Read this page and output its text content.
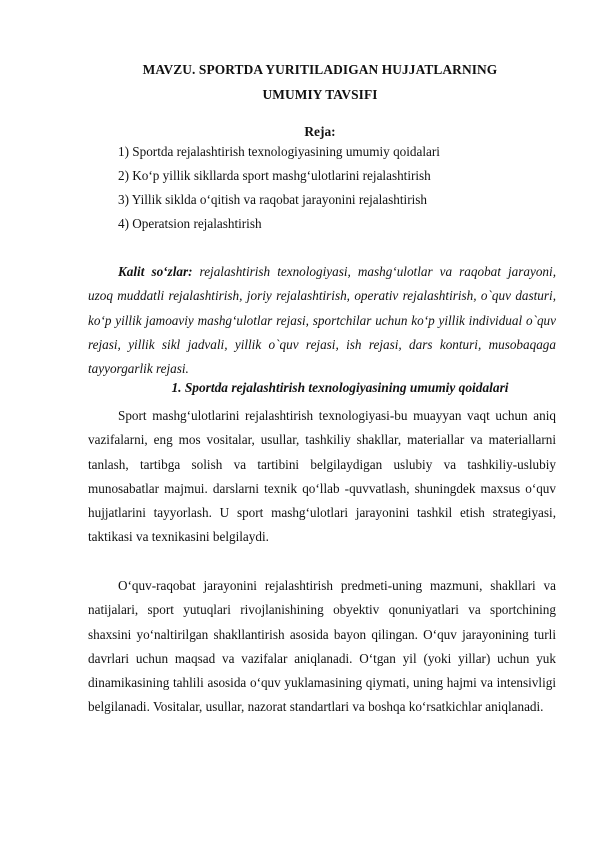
MAVZU. SPORTDA YURITILADIGAN HUJJATLARNING
UMUMIY TAVSIFI
Reja:
1) Sportda rejalashtirish texnologiyasining umumiy qoidalari
2) Ko‘p yillik sikllarda sport mashg‘ulotlarini rejalashtirish
3) Yillik siklda o‘qitish va raqobat jarayonini rejalashtirish
4) Operatsion rejalashtirish

Kalit so‘zlar: rejalashtirish texnologiyasi, mashg‘ulotlar va raqobat jarayoni, uzoq muddatli rejalashtirish, joriy rejalashtirish, operativ rejalashtirish, o`quv dasturi, ko‘p yillik jamoaviy mashg‘ulotlar rejasi, sportchilar uchun ko‘p yillik individual o`quv rejasi, yillik sikl jadvali, yillik o`quv rejasi, ish rejasi, dars konturi, musobaqaga tayyorgarlik rejasi.

1. Sportda rejalashtirish texnologiyasining umumiy qoidalari

Sport mashg‘ulotlarini rejalashtirish texnologiyasi-bu muayyan vaqt uchun aniq vazifalarni, eng mos vositalar, usullar, tashkiliy shakllar, materiallar va materiallarni tanlash, tartibga solish va tartibini belgilaydigan uslubiy va tashkiliy-uslubiy munosabatlar majmui. darslarni texnik qo‘llab -quvvatlash, shuningdek maxsus o‘quv hujjatlarini tayyorlash. U sport mashg‘ulotlari jarayonini tashkil etish strategiyasi, taktikasi va texnikasini belgilaydi.

O‘quv-raqobat jarayonini rejalashtirish predmeti-uning mazmuni, shakllari va natijalari, sport yutuqlari rivojlanishining obyektiv qonuniyatlari va sportchining shaxsini yo‘naltirilgan shakllantirish asosida bayon qilingan. O‘quv jarayonining turli davrlari uchun maqsad va vazifalar aniqlanadi. O‘tgan yil (yoki yillar) uchun yuk dinamikasining tahlili asosida o‘quv yuklamasining qiymati, uning hajmi va intensivligi belgilanadi. Vositalar, usullar, nazorat standartlari va boshqa ko‘rsatkichlar aniqlanadi.
